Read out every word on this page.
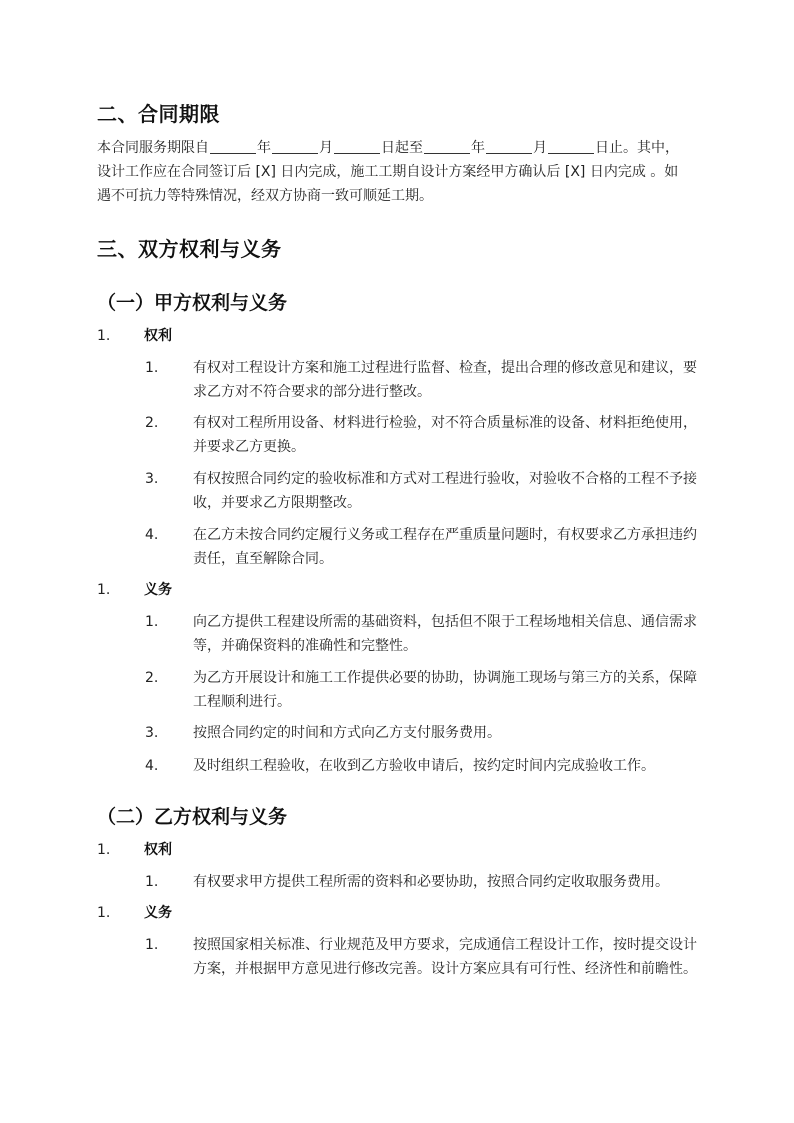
二、合同期限
本合同服务期限自	年	月	日起至	年	月	日止。其中，
设计工作应在合同签订后 [X] 日内完成，施工工期自设计方案经甲方确认后 [X] 日内完成 。如
遇不可抗力等特殊情况，经双方协商一致可顺延工期。
三、双方权利与义务
（一）甲方权利与义务
1.	权利
1. 有权对工程设计方案和施工过程进行监督、检查，提出合理的修改意见和建议，要求乙方对不符合要求的部分进行整改。
2. 有权对工程所用设备、材料进行检验，对不符合质量标准的设备、材料拒绝使用，并要求乙方更换。
3. 有权按照合同约定的验收标准和方式对工程进行验收，对验收不合格的工程不予接收，并要求乙方限期整改。
4. 在乙方未按合同约定履行义务或工程存在严重质量问题时，有权要求乙方承担违约责任，直至解除合同。
1.	义务
1. 向乙方提供工程建设所需的基础资料，包括但不限于工程场地相关信息、通信需求等，并确保资料的准确性和完整性。
2. 为乙方开展设计和施工工作提供必要的协助，协调施工现场与第三方的关系，保障工程顺利进行。
3. 按照合同约定的时间和方式向乙方支付服务费用。
4. 及时组织工程验收，在收到乙方验收申请后，按约定时间内完成验收工作。
（二）乙方权利与义务
1.	权利
1. 有权要求甲方提供工程所需的资料和必要协助，按照合同约定收取服务费用。
1.	义务
1. 按照国家相关标准、行业规范及甲方要求，完成通信工程设计工作，按时提交设计方案，并根据甲方意见进行修改完善。设计方案应具有可行性、经济性和前瞻性。
